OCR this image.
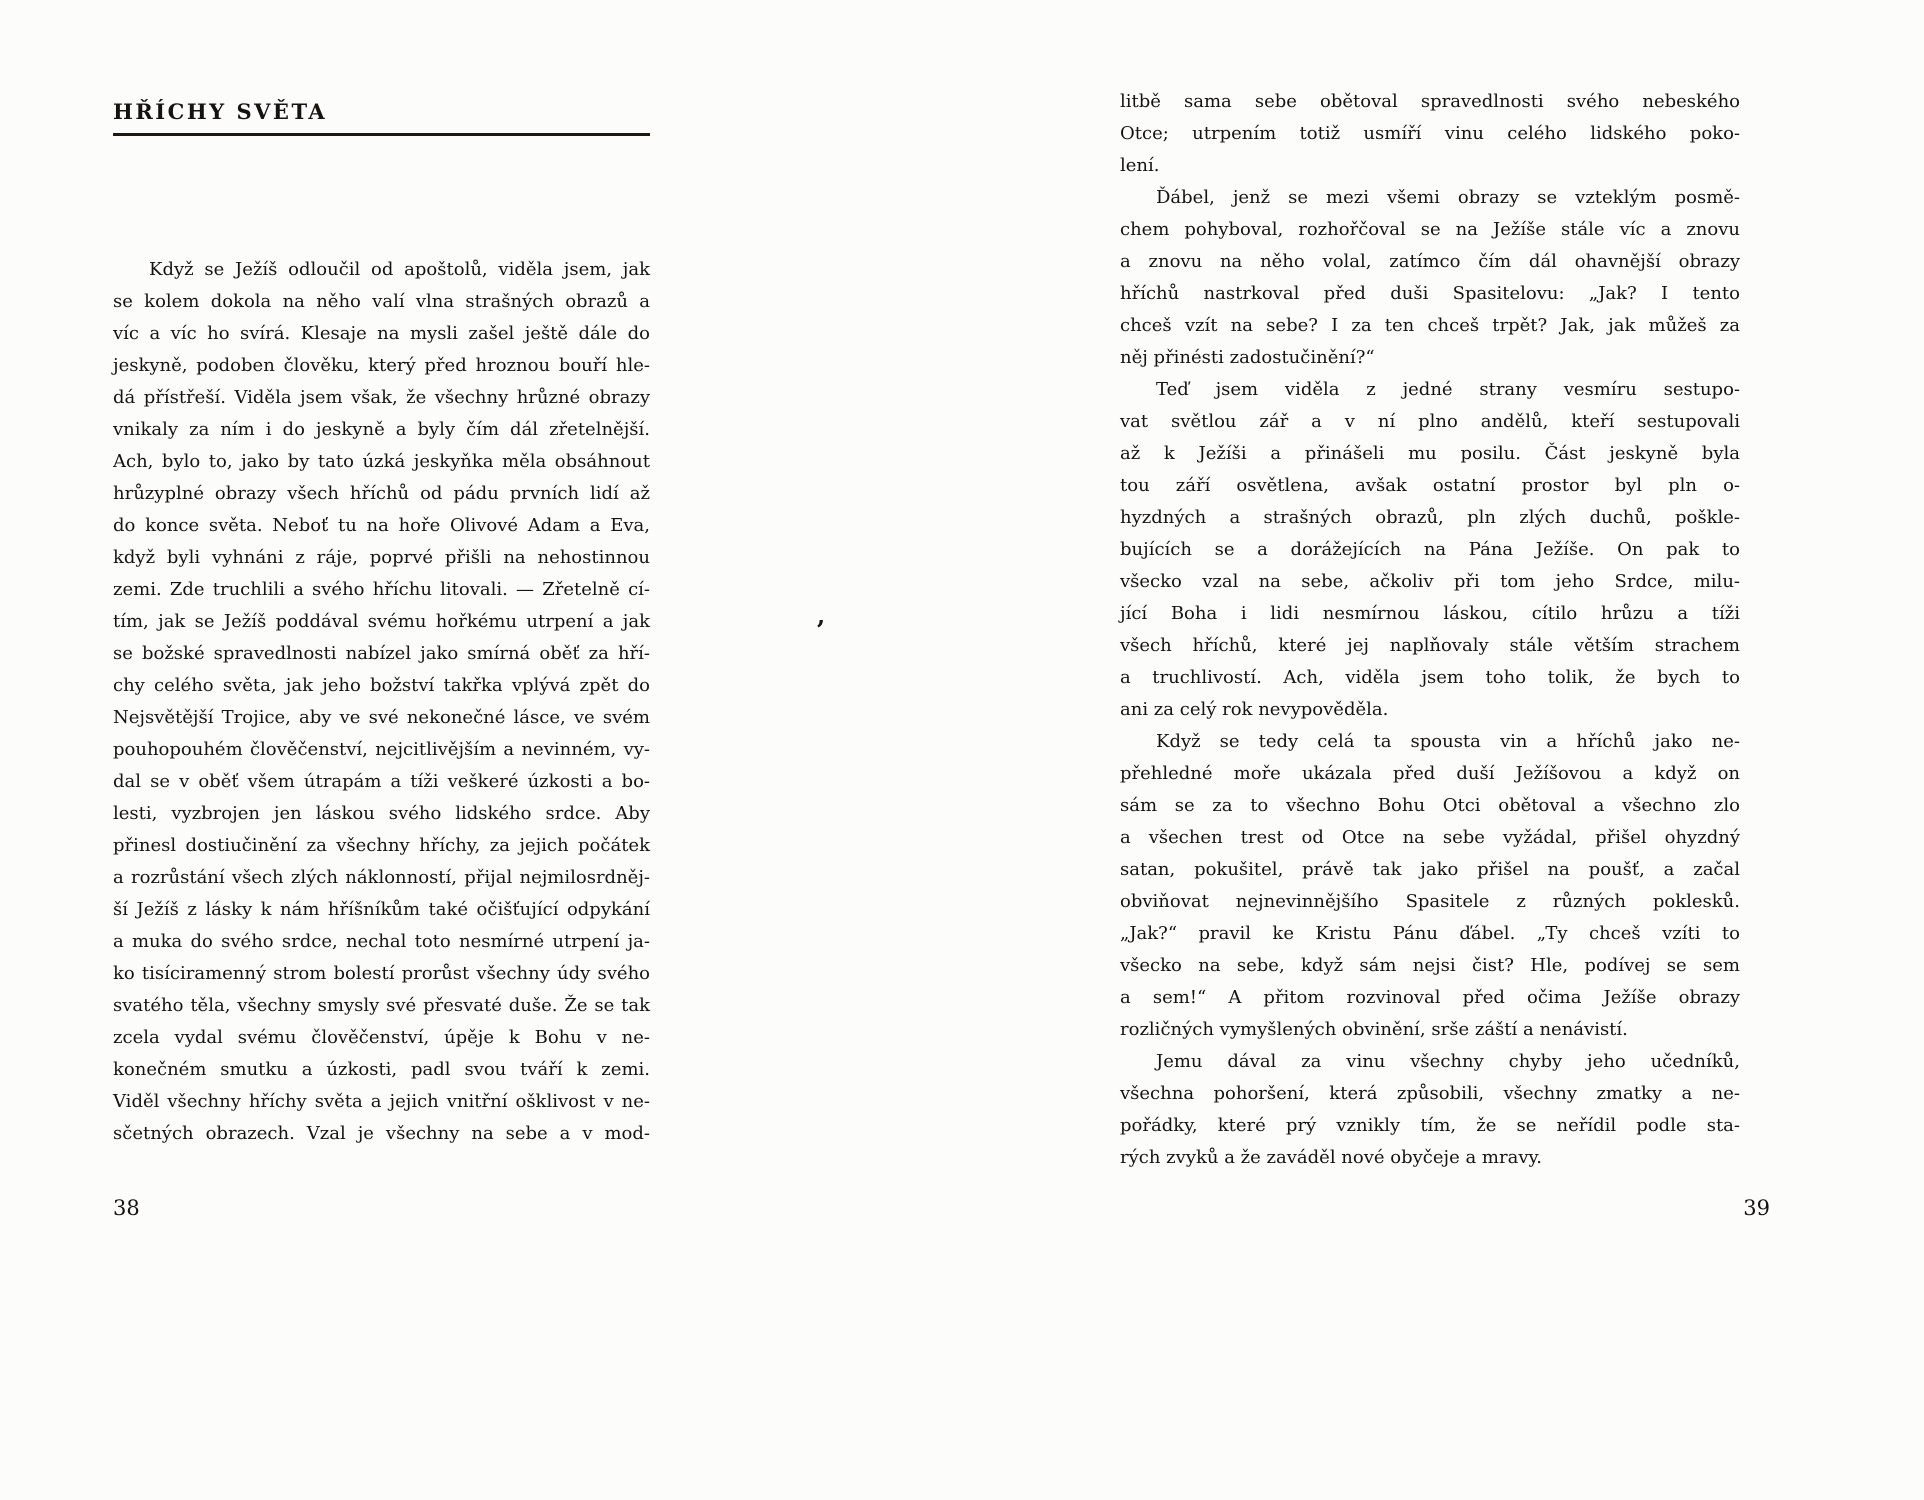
HŘÍCHY SVĚTA
Když se Ježíš odloučil od apoštolů, viděla jsem, jak
se kolem dokola na něho valí vlna strašných obrazů a
víc a víc ho svírá. Klesaje na mysli zašel ještě dále do
jeskyně, podoben člověku, který před hroznou bouří hle-
dá přístřeší. Viděla jsem však, že všechny hrůzné obrazy
vnikaly za ním i do jeskyně a byly čím dál zřetelnější.
Ach, bylo to, jako by tato úzká jeskyňka měla obsáhnout
hrůzyplné obrazy všech hříchů od pádu prvních lidí až
do konce světa. Neboť tu na hoře Olivové Adam a Eva,
když byli vyhnáni z ráje, poprvé přišli na nehostinnou
zemi. Zde truchlili a svého hříchu litovali. — Zřetelně cí-
tím, jak se Ježíš poddával svému hořkému utrpení a jak
se božské spravedlnosti nabízel jako smírná oběť za hří-
chy celého světa, jak jeho božství takřka vplývá zpět do
Nejsvětější Trojice, aby ve své nekonečné lásce, ve svém
pouhopouhém člověčenství, nejcitlivějším a nevinném, vy-
dal se v oběť všem útrapám a tíži veškeré úzkosti a bo-
lesti, vyzbrojen jen láskou svého lidského srdce. Aby
přinesl dostiučinění za všechny hříchy, za jejich počátek
a rozrůstání všech zlých náklonností, přijal nejmilosrdněj-
ší Ježíš z lásky k nám hříšníkům také očišťující odpykání
a muka do svého srdce, nechal toto nesmírné utrpení ja-
ko tisíciramenný strom bolestí prorůst všechny údy svého
svatého těla, všechny smysly své přesvaté duše. Že se tak
zcela vydal svému člověčenství, úpěje k Bohu v ne-
konečném smutku a úzkosti, padl svou tváří k zemi.
Viděl všechny hříchy světa a jejich vnitřní ošklivost v ne-
sčetných obrazech. Vzal je všechny na sebe a v mod-
38
’
litbě sama sebe obětoval spravedlnosti svého nebeského
Otce; utrpením totiž usmíří vinu celého lidského poko-
lení.
Ďábel, jenž se mezi všemi obrazy se vzteklým posmě-
chem pohyboval, rozhořčoval se na Ježíše stále víc a znovu
a znovu na něho volal, zatímco čím dál ohavnější obrazy
hříchů nastrkoval před duši Spasitelovu: „Jak? I tento
chceš vzít na sebe? I za ten chceš trpět? Jak, jak můžeš za
něj přinésti zadostučinění?“
Teď jsem viděla z jedné strany vesmíru sestupo-
vat světlou zář a v ní plno andělů, kteří sestupovali
až k Ježíši a přinášeli mu posilu. Část jeskyně byla
tou září osvětlena, avšak ostatní prostor byl pln o-
hyzdných a strašných obrazů, pln zlých duchů, poškle-
bujících se a dorážejících na Pána Ježíše. On pak to
všecko vzal na sebe, ačkoliv při tom jeho Srdce, milu-
jící Boha i lidi nesmírnou láskou, cítilo hrůzu a tíži
všech hříchů, které jej naplňovaly stále větším strachem
a truchlivostí. Ach, viděla jsem toho tolik, že bych to
ani za celý rok nevypověděla.
Když se tedy celá ta spousta vin a hříchů jako ne-
přehledné moře ukázala před duší Ježíšovou a když on
sám se za to všechno Bohu Otci obětoval a všechno zlo
a všechen trest od Otce na sebe vyžádal, přišel ohyzdný
satan, pokušitel, právě tak jako přišel na poušť, a začal
obviňovat nejnevinnějšího Spasitele z různých poklesků.
„Jak?“ pravil ke Kristu Pánu ďábel. „Ty chceš vzíti to
všecko na sebe, když sám nejsi čist? Hle, podívej se sem
a sem!“ A přitom rozvinoval před očima Ježíše obrazy
rozličných vymyšlených obvinění, srše záští a nenávistí.
Jemu dával za vinu všechny chyby jeho učedníků,
všechna pohoršení, která způsobili, všechny zmatky a ne-
pořádky, které prý vznikly tím, že se neřídil podle sta-
rých zvyků a že zaváděl nové obyčeje a mravy.
39
